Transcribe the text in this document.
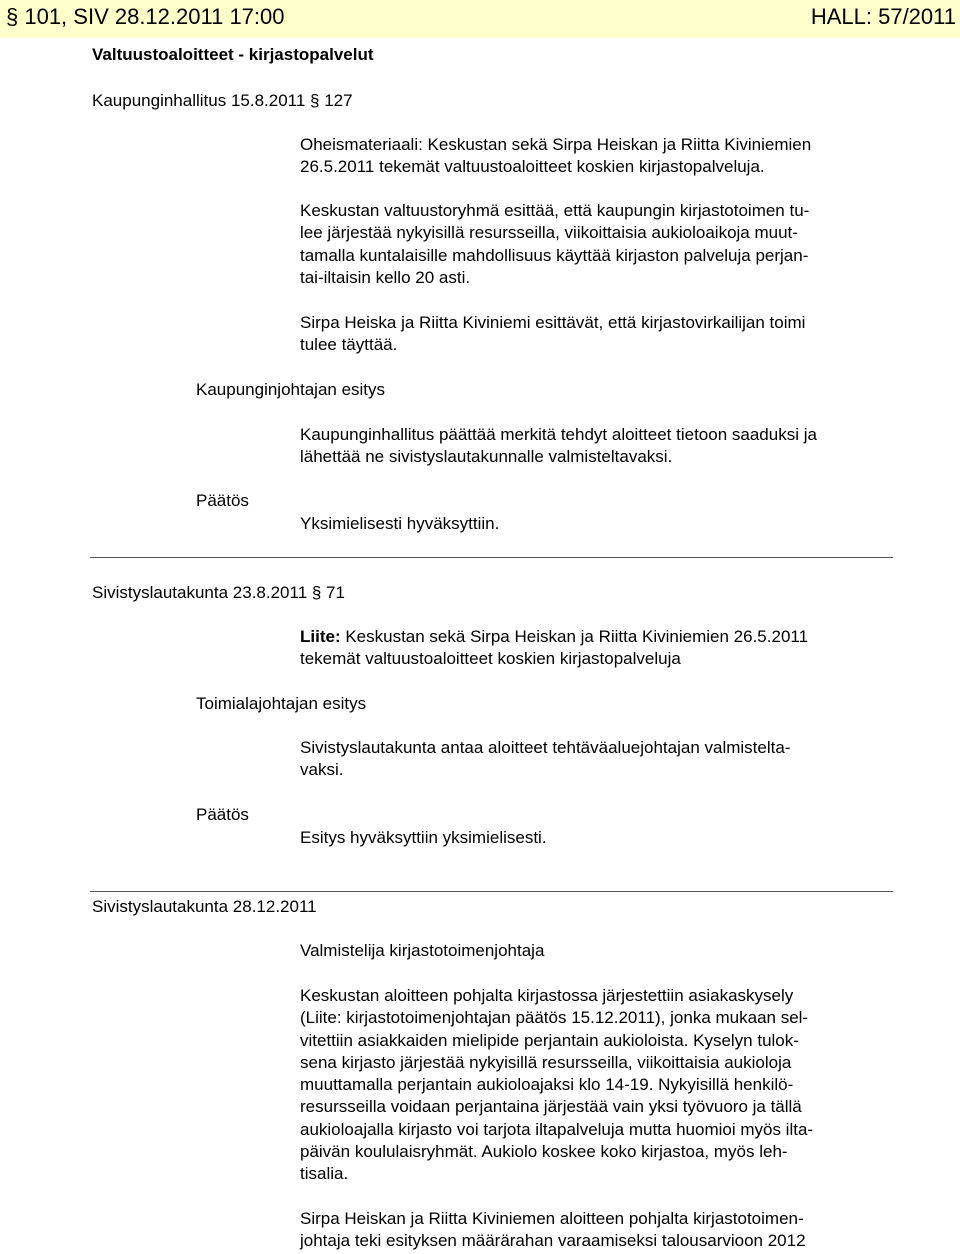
§ 101, SIV 28.12.2011 17:00	HALL: 57/2011
Valtuustoaloitteet - kirjastopalvelut
Kaupunginhallitus 15.8.2011 § 127
Oheismateriaali: Keskustan sekä Sirpa Heiskan ja Riitta Kiviniemien
26.5.2011 tekemät valtuustoaloitteet koskien kirjastopalveluja.
Keskustan valtuustoryhmä esittää, että kaupungin kirjastotoimen tu-
lee järjestää nykyisillä resursseilla, viikoittaisia aukioloaikoja muut-
tamalla kuntalaisille mahdollisuus käyttää kirjaston palveluja perjan-
tai-iltaisin kello 20 asti.
Sirpa Heiska ja Riitta Kiviniemi esittävät, että kirjastovirkailijan toimi
tulee täyttää.
Kaupunginjohtajan esitys
Kaupunginhallitus päättää merkitä tehdyt aloitteet tietoon saaduksi ja
lähettää ne sivistyslautakunnalle valmisteltavaksi.
Päätös
Yksimielisesti hyväksyttiin.
Sivistyslautakunta 23.8.2011 § 71
Liite: Keskustan sekä Sirpa Heiskan ja Riitta Kiviniemien 26.5.2011
tekemät valtuustoaloitteet koskien kirjastopalveluja
Toimialajohtajan esitys
Sivistyslautakunta antaa aloitteet tehtäväaluejohtajan valmistelta-
vaksi.
Päätös
Esitys hyväksyttiin yksimielisesti.
Sivistyslautakunta 28.12.2011
Valmistelija kirjastotoimenjohtaja
Keskustan aloitteen pohjalta kirjastossa järjestettiin asiakaskysely
(Liite: kirjastotoimenjohtajan päätös 15.12.2011), jonka mukaan sel-
vitettiin asiakkaiden mielipide perjantain aukioloista. Kyselyn tulok-
sena kirjasto järjestää nykyisillä resursseilla, viikoittaisia aukioloja
muuttamalla perjantain aukioloajaksi klo 14-19. Nykyisillä henkilö-
resursseilla voidaan perjantaina järjestää vain yksi työvuoro ja tällä
aukioloajalla kirjasto voi tarjota iltapalveluja mutta huomioi myös ilta-
päivän koululaisryhmät. Aukiolo koskee koko kirjastoa, myös leh-
tisalia.
Sirpa Heiskan ja Riitta Kiviniemen aloitteen pohjalta kirjastotoimen-
johtaja teki esityksen määrärahan varaamiseksi talousarvioon 2012
